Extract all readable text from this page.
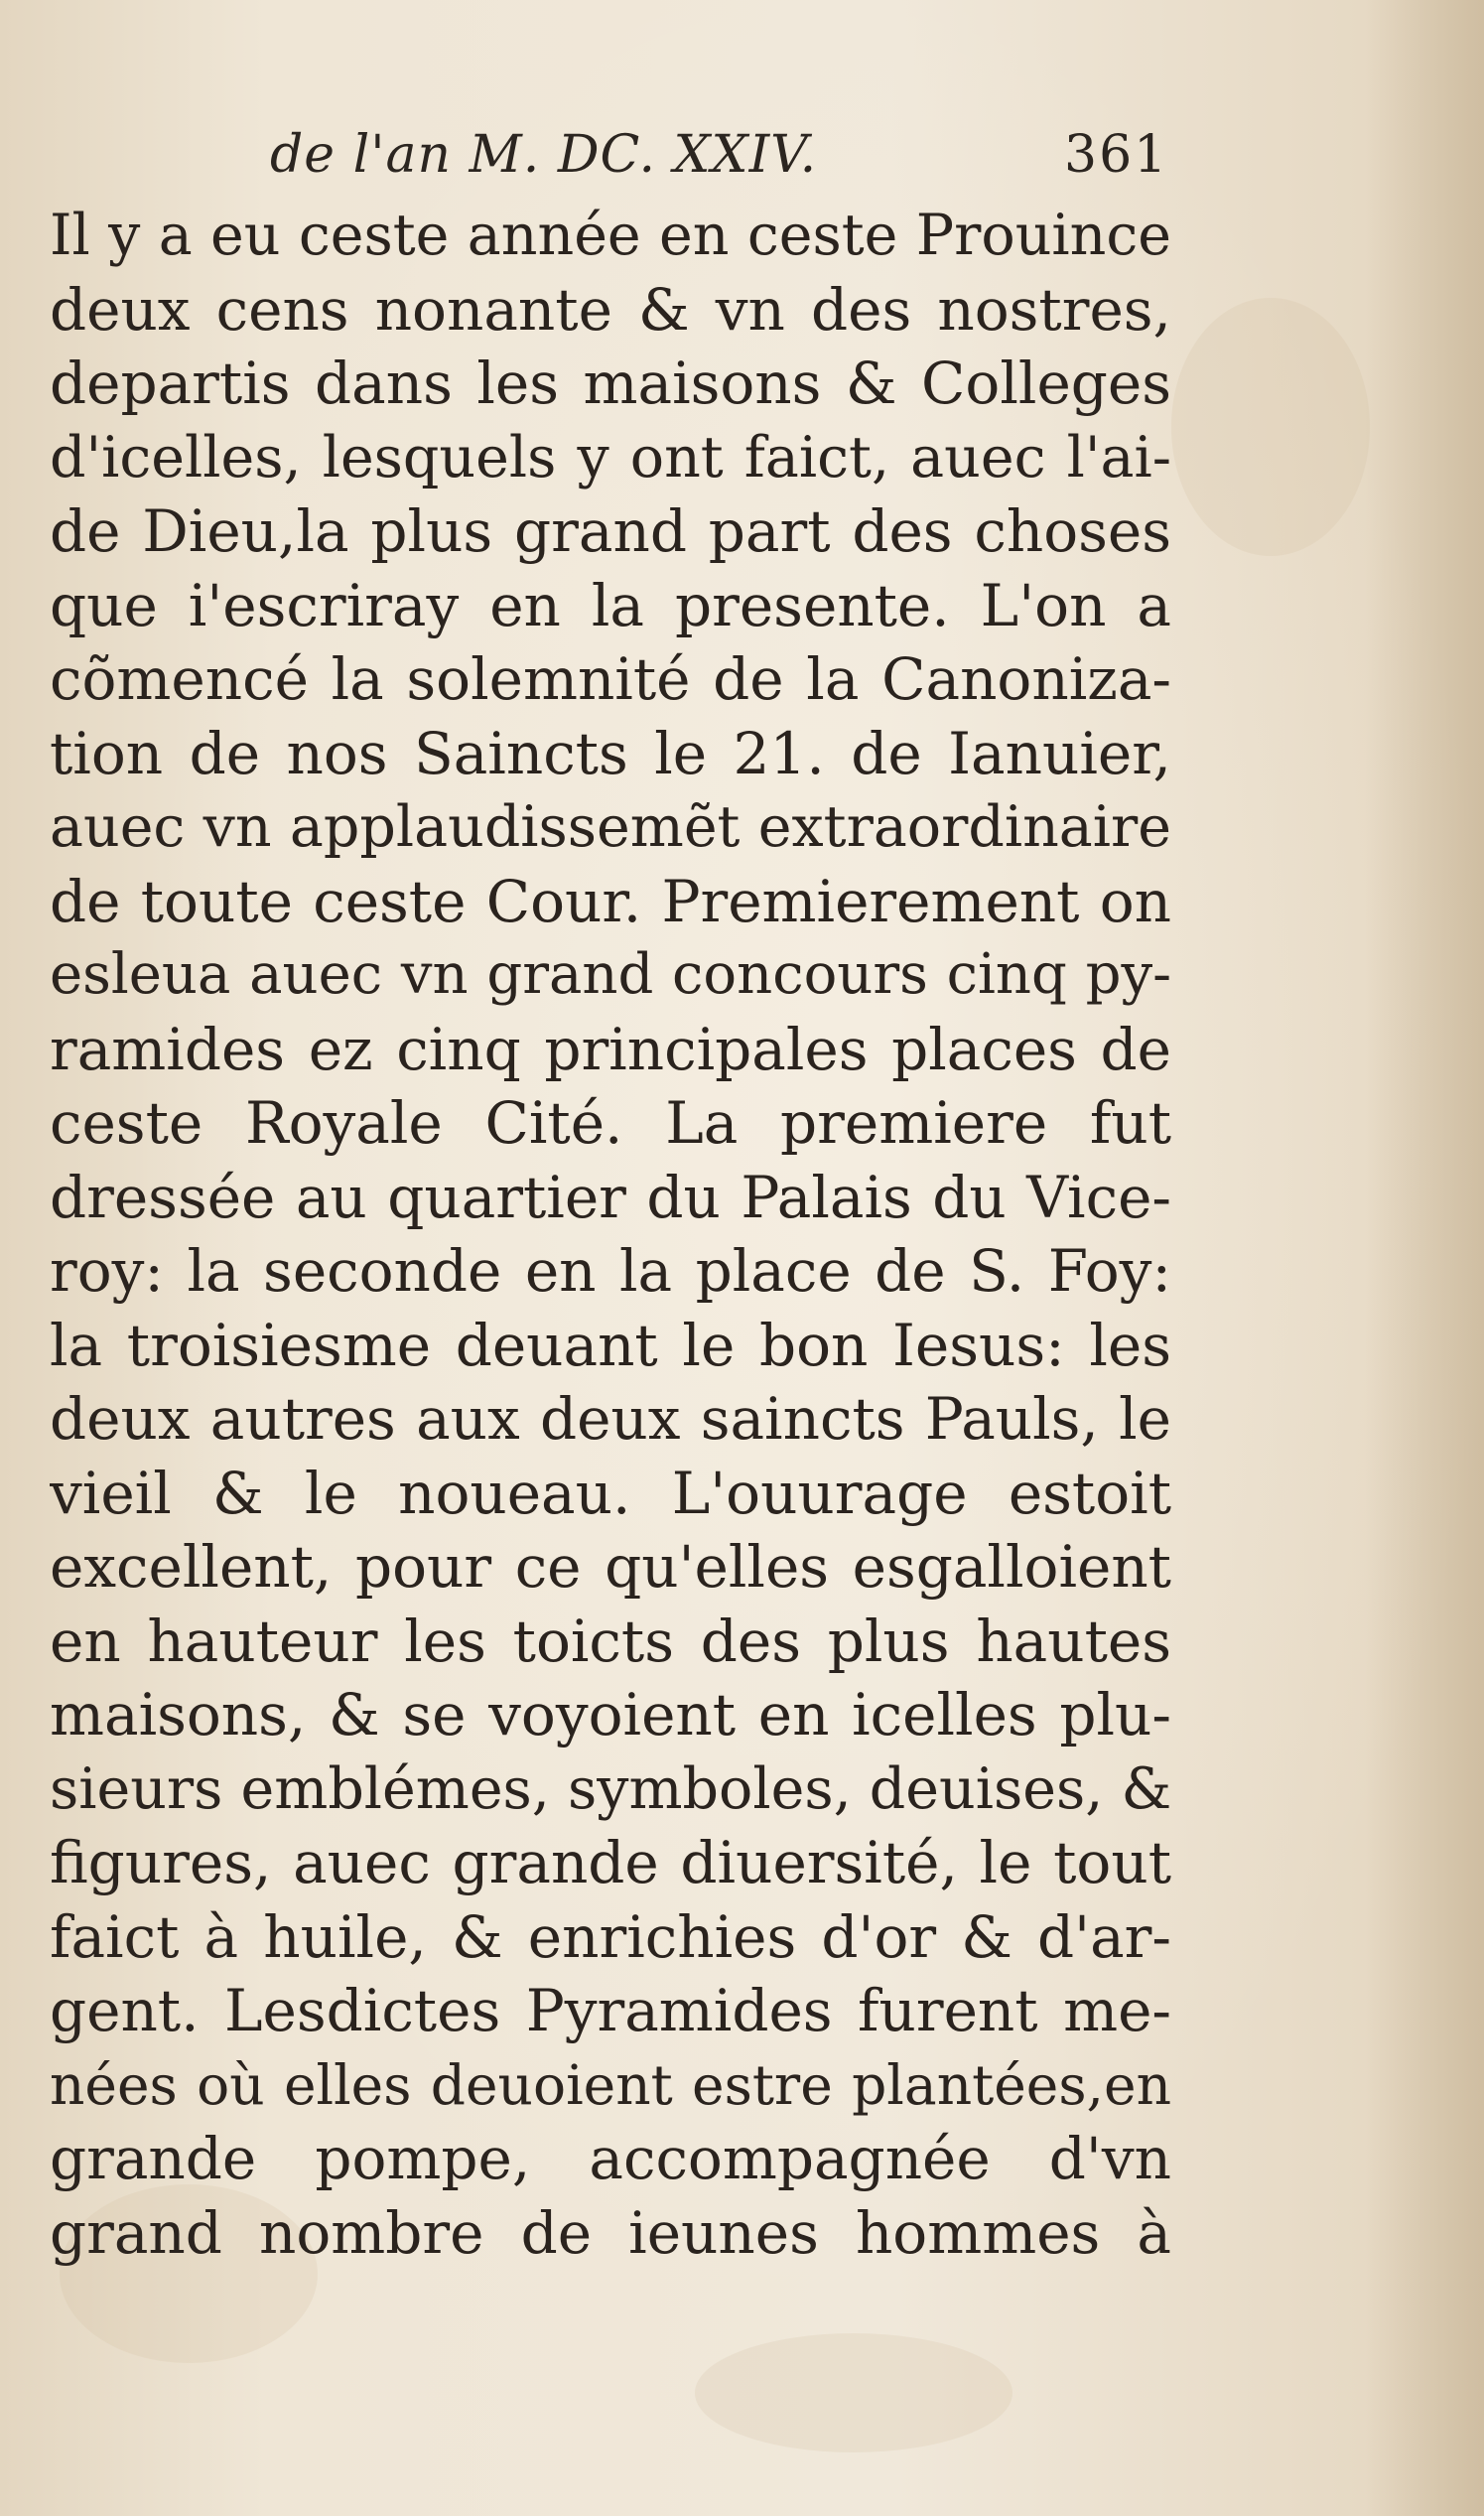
de l'an M. DC. XXIV.	361
Il y a eu ceste année en ceste Prouince
deux cens nonante & vn des nostres,
departis dans les maisons & Colleges
d'icelles, lesquels y ont faict, auec l'ai-
de Dieu,la plus grand part des choses
que i'escriray en la presente. L'on a
cõmencé la solemnité de la Canoniza-
tion de nos Saincts le 21. de Ianuier,
auec vn applaudissemẽt extraordinaire
de toute ceste Cour. Premierement on
esleua auec vn grand concours cinq py-
ramides ez cinq principales places de
ceste Royale Cité. La premiere fut
dressée au quartier du Palais du Vice-
roy: la seconde en la place de S. Foy:
la troisiesme deuant le bon Iesus: les
deux autres aux deux saincts Pauls, le
vieil & le noueau. L'ouurage estoit
excellent, pour ce qu'elles esgalloient
en hauteur les toicts des plus hautes
maisons, & se voyoient en icelles plu-
sieurs emblémes, symboles, deuises, &
figures, auec grande diuersité, le tout
faict à huile, & enrichies d'or & d'ar-
gent. Lesdictes Pyramides furent me-
nées où elles deuoient estre plantées,en
grande pompe, accompagnée d'vn
grand nombre de ieunes hommes à
